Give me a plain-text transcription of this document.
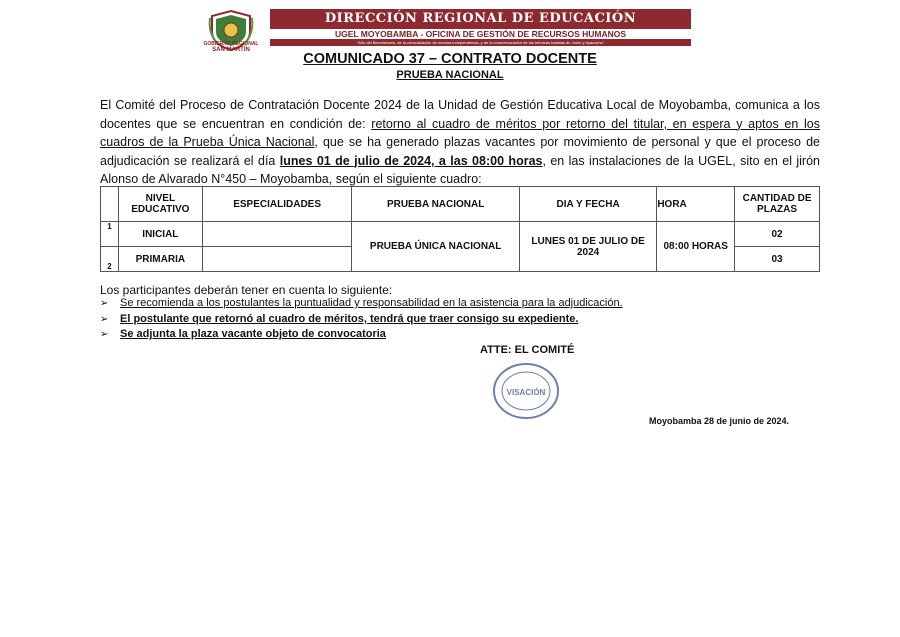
GOBIERNO REGIONAL
SAN MARTÍN
DIRECCIÓN REGIONAL DE EDUCACIÓN
UGEL MOYOBAMBA - OFICINA DE GESTIÓN DE RECURSOS HUMANOS
"Año del Bicentenario, de la consolidación de nuestra independencia, y de la conmemoración de las heroicas batallas de Junín y Ayacucho"
COMUNICADO 37 – CONTRATO DOCENTE
PRUEBA NACIONAL
El Comité del Proceso de Contratación Docente 2024 de la Unidad de Gestión Educativa Local de Moyobamba, comunica a los docentes que se encuentran en condición de: retorno al cuadro de méritos por retorno del titular, en espera y aptos en los cuadros de la Prueba Única Nacional, que se ha generado plazas vacantes por movimiento de personal y que el proceso de adjudicación se realizará el día lunes 01 de julio de 2024, a las 08:00 horas, en las instalaciones de la UGEL, sito en el jirón Alonso de Alvarado N°450 – Moyobamba, según el siguiente cuadro:
	NIVEL EDUCATIVO	ESPECIALIDADES	PRUEBA NACIONAL	DIA Y FECHA	HORA	CANTIDAD DE PLAZAS
1	INICIAL		PRUEBA ÚNICA NACIONAL	LUNES 01 DE JULIO DE 2024	08:00 HORAS	02
2	PRIMARIA					03
Los participantes deberán tener en cuenta lo siguiente:
➢ Se recomienda a los postulantes la puntualidad y responsabilidad en la asistencia para la adjudicación.
➢ El postulante que retornó al cuadro de méritos, tendrá que traer consigo su expediente.
➢ Se adjunta la plaza vacante objeto de convocatoria
ATTE: EL COMITÉ
VISACIÓN
Moyobamba 28 de junio de 2024.
